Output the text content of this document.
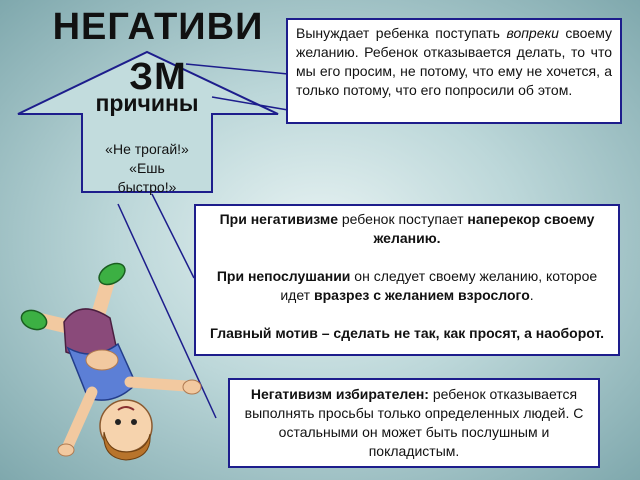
НЕГАТИВИЗМ
причины
«Не трогай!»
«Ешь
быстро!»
Вынуждает ребенка поступать вопреки своему желанию. Ребенок отказывается делать, то что мы его просим, не потому, что ему не хочется, а только потому, что его попросили об этом.

При негативизме ребенок поступает наперекор своему желанию.

При непослушании он следует своему желанию, которое идет вразрез с желанием взрослого.

Главный мотив – сделать не так, как просят, а наоборот.

Негативизм избирателен: ребенок отказывается выполнять просьбы только определенных людей. С остальными он может быть послушным и покладистым.
